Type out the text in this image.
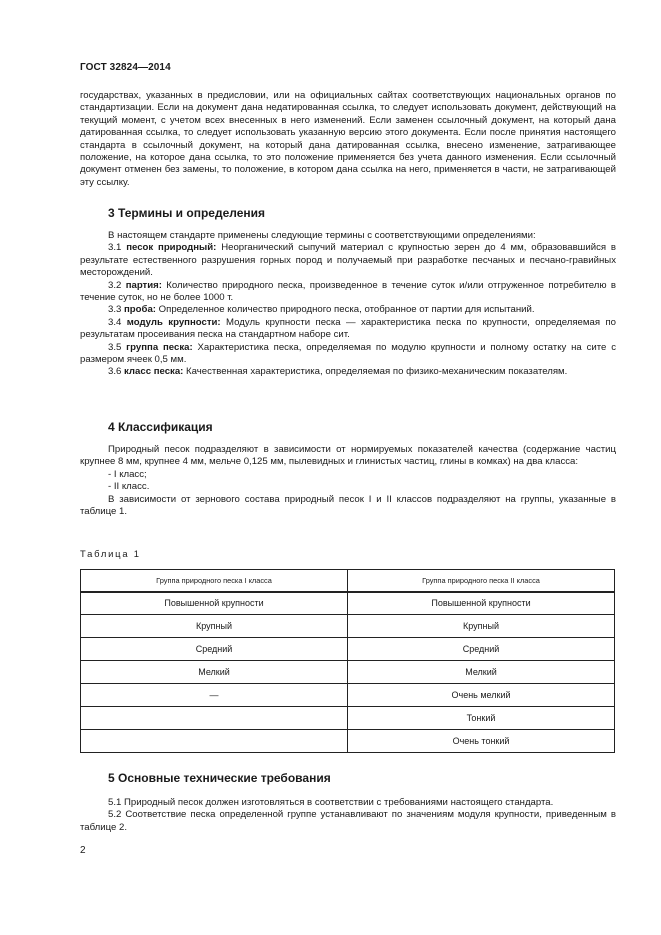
ГОСТ 32824—2014

государствах, указанных в предисловии, или на официальных сайтах соответствующих национальных органов по стандартизации. Если на документ дана недатированная ссылка, то следует использовать документ, действующий на текущий момент, с учетом всех внесенных в него изменений. Если заменен ссылочный документ, на который дана датированная ссылка, то следует использовать указанную версию этого документа. Если после принятия настоящего стандарта в ссылочный документ, на который дана датированная ссылка, внесено изменение, затрагивающее положение, на которое дана ссылка, то это положение применяется без учета данного изменения. Если ссылочный документ отменен без замены, то положение, в котором дана ссылка на него, применяется в части, не затрагивающей эту ссылку.

3 Термины и определения

В настоящем стандарте применены следующие термины с соответствующими определениями:

3.1 песок природный: Неорганический сыпучий материал с крупностью зерен до 4 мм, образовавшийся в результате естественного разрушения горных пород и получаемый при разработке песчаных и песчано-гравийных месторождений.

3.2 партия: Количество природного песка, произведенное в течение суток и/или отгруженное потребителю в течение суток, но не более 1000 т.

3.3 проба: Определенное количество природного песка, отобранное от партии для испытаний.

3.4 модуль крупности: Модуль крупности песка — характеристика песка по крупности, определяемая по результатам просеивания песка на стандартном наборе сит.

3.5 группа песка: Характеристика песка, определяемая по модулю крупности и полному остатку на сите с размером ячеек 0,5 мм.

3.6 класс песка: Качественная характеристика, определяемая по физико-механическим показателям.

4 Классификация

Природный песок подразделяют в зависимости от нормируемых показателей качества (содержание частиц крупнее 8 мм, крупнее 4 мм, мельче 0,125 мм, пылевидных и глинистых частиц, глины в комках) на два класса:

- I класс;

- II класс.

В зависимости от зернового состава природный песок I и II классов подразделяют на группы, указанные в таблице 1.

Таблица 1
Группа природного песка I класса	Группа природного песка II класса
Повышенной крупности	Повышенной крупности
Крупный	Крупный
Средний	Средний
Мелкий	Мелкий
—	Очень мелкий
	Тонкий
	Очень тонкий
5 Основные технические требования

5.1 Природный песок должен изготовляться в соответствии с требованиями настоящего стандарта.

5.2 Соответствие песка определенной группе устанавливают по значениям модуля крупности, приведенным в таблице 2.

2
